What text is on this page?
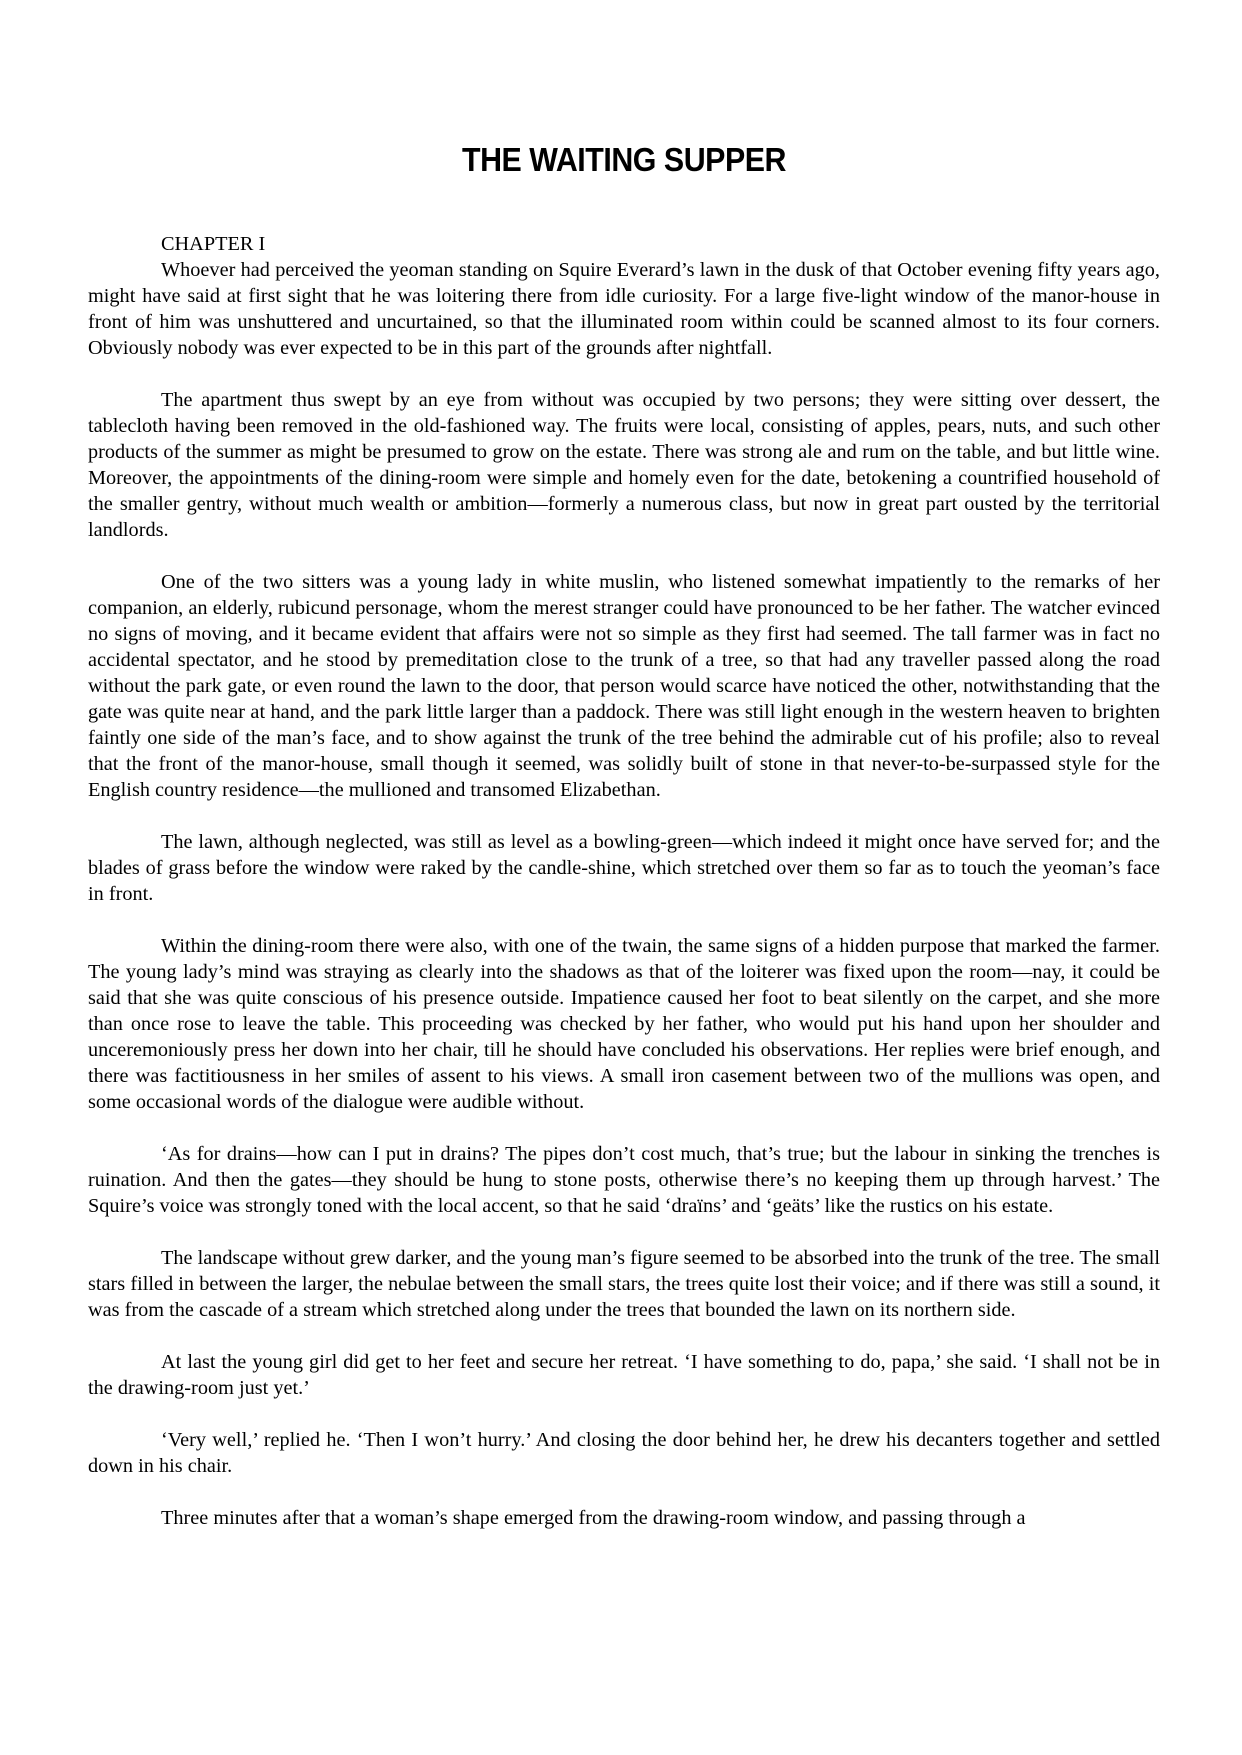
THE WAITING SUPPER
CHAPTER I

Whoever had perceived the yeoman standing on Squire Everard’s lawn in the dusk of that October evening fifty years ago, might have said at first sight that he was loitering there from idle curiosity. For a large five-light window of the manor-house in front of him was unshuttered and uncurtained, so that the illuminated room within could be scanned almost to its four corners. Obviously nobody was ever expected to be in this part of the grounds after nightfall.

The apartment thus swept by an eye from without was occupied by two persons; they were sitting over dessert, the tablecloth having been removed in the old-fashioned way. The fruits were local, consisting of apples, pears, nuts, and such other products of the summer as might be presumed to grow on the estate. There was strong ale and rum on the table, and but little wine. Moreover, the appointments of the dining-room were simple and homely even for the date, betokening a countrified household of the smaller gentry, without much wealth or ambition—formerly a numerous class, but now in great part ousted by the territorial landlords.

One of the two sitters was a young lady in white muslin, who listened somewhat impatiently to the remarks of her companion, an elderly, rubicund personage, whom the merest stranger could have pronounced to be her father. The watcher evinced no signs of moving, and it became evident that affairs were not so simple as they first had seemed. The tall farmer was in fact no accidental spectator, and he stood by premeditation close to the trunk of a tree, so that had any traveller passed along the road without the park gate, or even round the lawn to the door, that person would scarce have noticed the other, notwithstanding that the gate was quite near at hand, and the park little larger than a paddock. There was still light enough in the western heaven to brighten faintly one side of the man’s face, and to show against the trunk of the tree behind the admirable cut of his profile; also to reveal that the front of the manor-house, small though it seemed, was solidly built of stone in that never-to-be-surpassed style for the English country residence—the mullioned and transomed Elizabethan.

The lawn, although neglected, was still as level as a bowling-green—which indeed it might once have served for; and the blades of grass before the window were raked by the candle-shine, which stretched over them so far as to touch the yeoman’s face in front.

Within the dining-room there were also, with one of the twain, the same signs of a hidden purpose that marked the farmer. The young lady’s mind was straying as clearly into the shadows as that of the loiterer was fixed upon the room—nay, it could be said that she was quite conscious of his presence outside. Impatience caused her foot to beat silently on the carpet, and she more than once rose to leave the table. This proceeding was checked by her father, who would put his hand upon her shoulder and unceremoniously press her down into her chair, till he should have concluded his observations. Her replies were brief enough, and there was factitiousness in her smiles of assent to his views. A small iron casement between two of the mullions was open, and some occasional words of the dialogue were audible without.

‘As for drains—how can I put in drains? The pipes don’t cost much, that’s true; but the labour in sinking the trenches is ruination. And then the gates—they should be hung to stone posts, otherwise there’s no keeping them up through harvest.’ The Squire’s voice was strongly toned with the local accent, so that he said ‘draïns’ and ‘geäts’ like the rustics on his estate.

The landscape without grew darker, and the young man’s figure seemed to be absorbed into the trunk of the tree. The small stars filled in between the larger, the nebulae between the small stars, the trees quite lost their voice; and if there was still a sound, it was from the cascade of a stream which stretched along under the trees that bounded the lawn on its northern side.

At last the young girl did get to her feet and secure her retreat. ‘I have something to do, papa,’ she said. ‘I shall not be in the drawing-room just yet.’

‘Very well,’ replied he. ‘Then I won’t hurry.’ And closing the door behind her, he drew his decanters together and settled down in his chair.

Three minutes after that a woman’s shape emerged from the drawing-room window, and passing through a
